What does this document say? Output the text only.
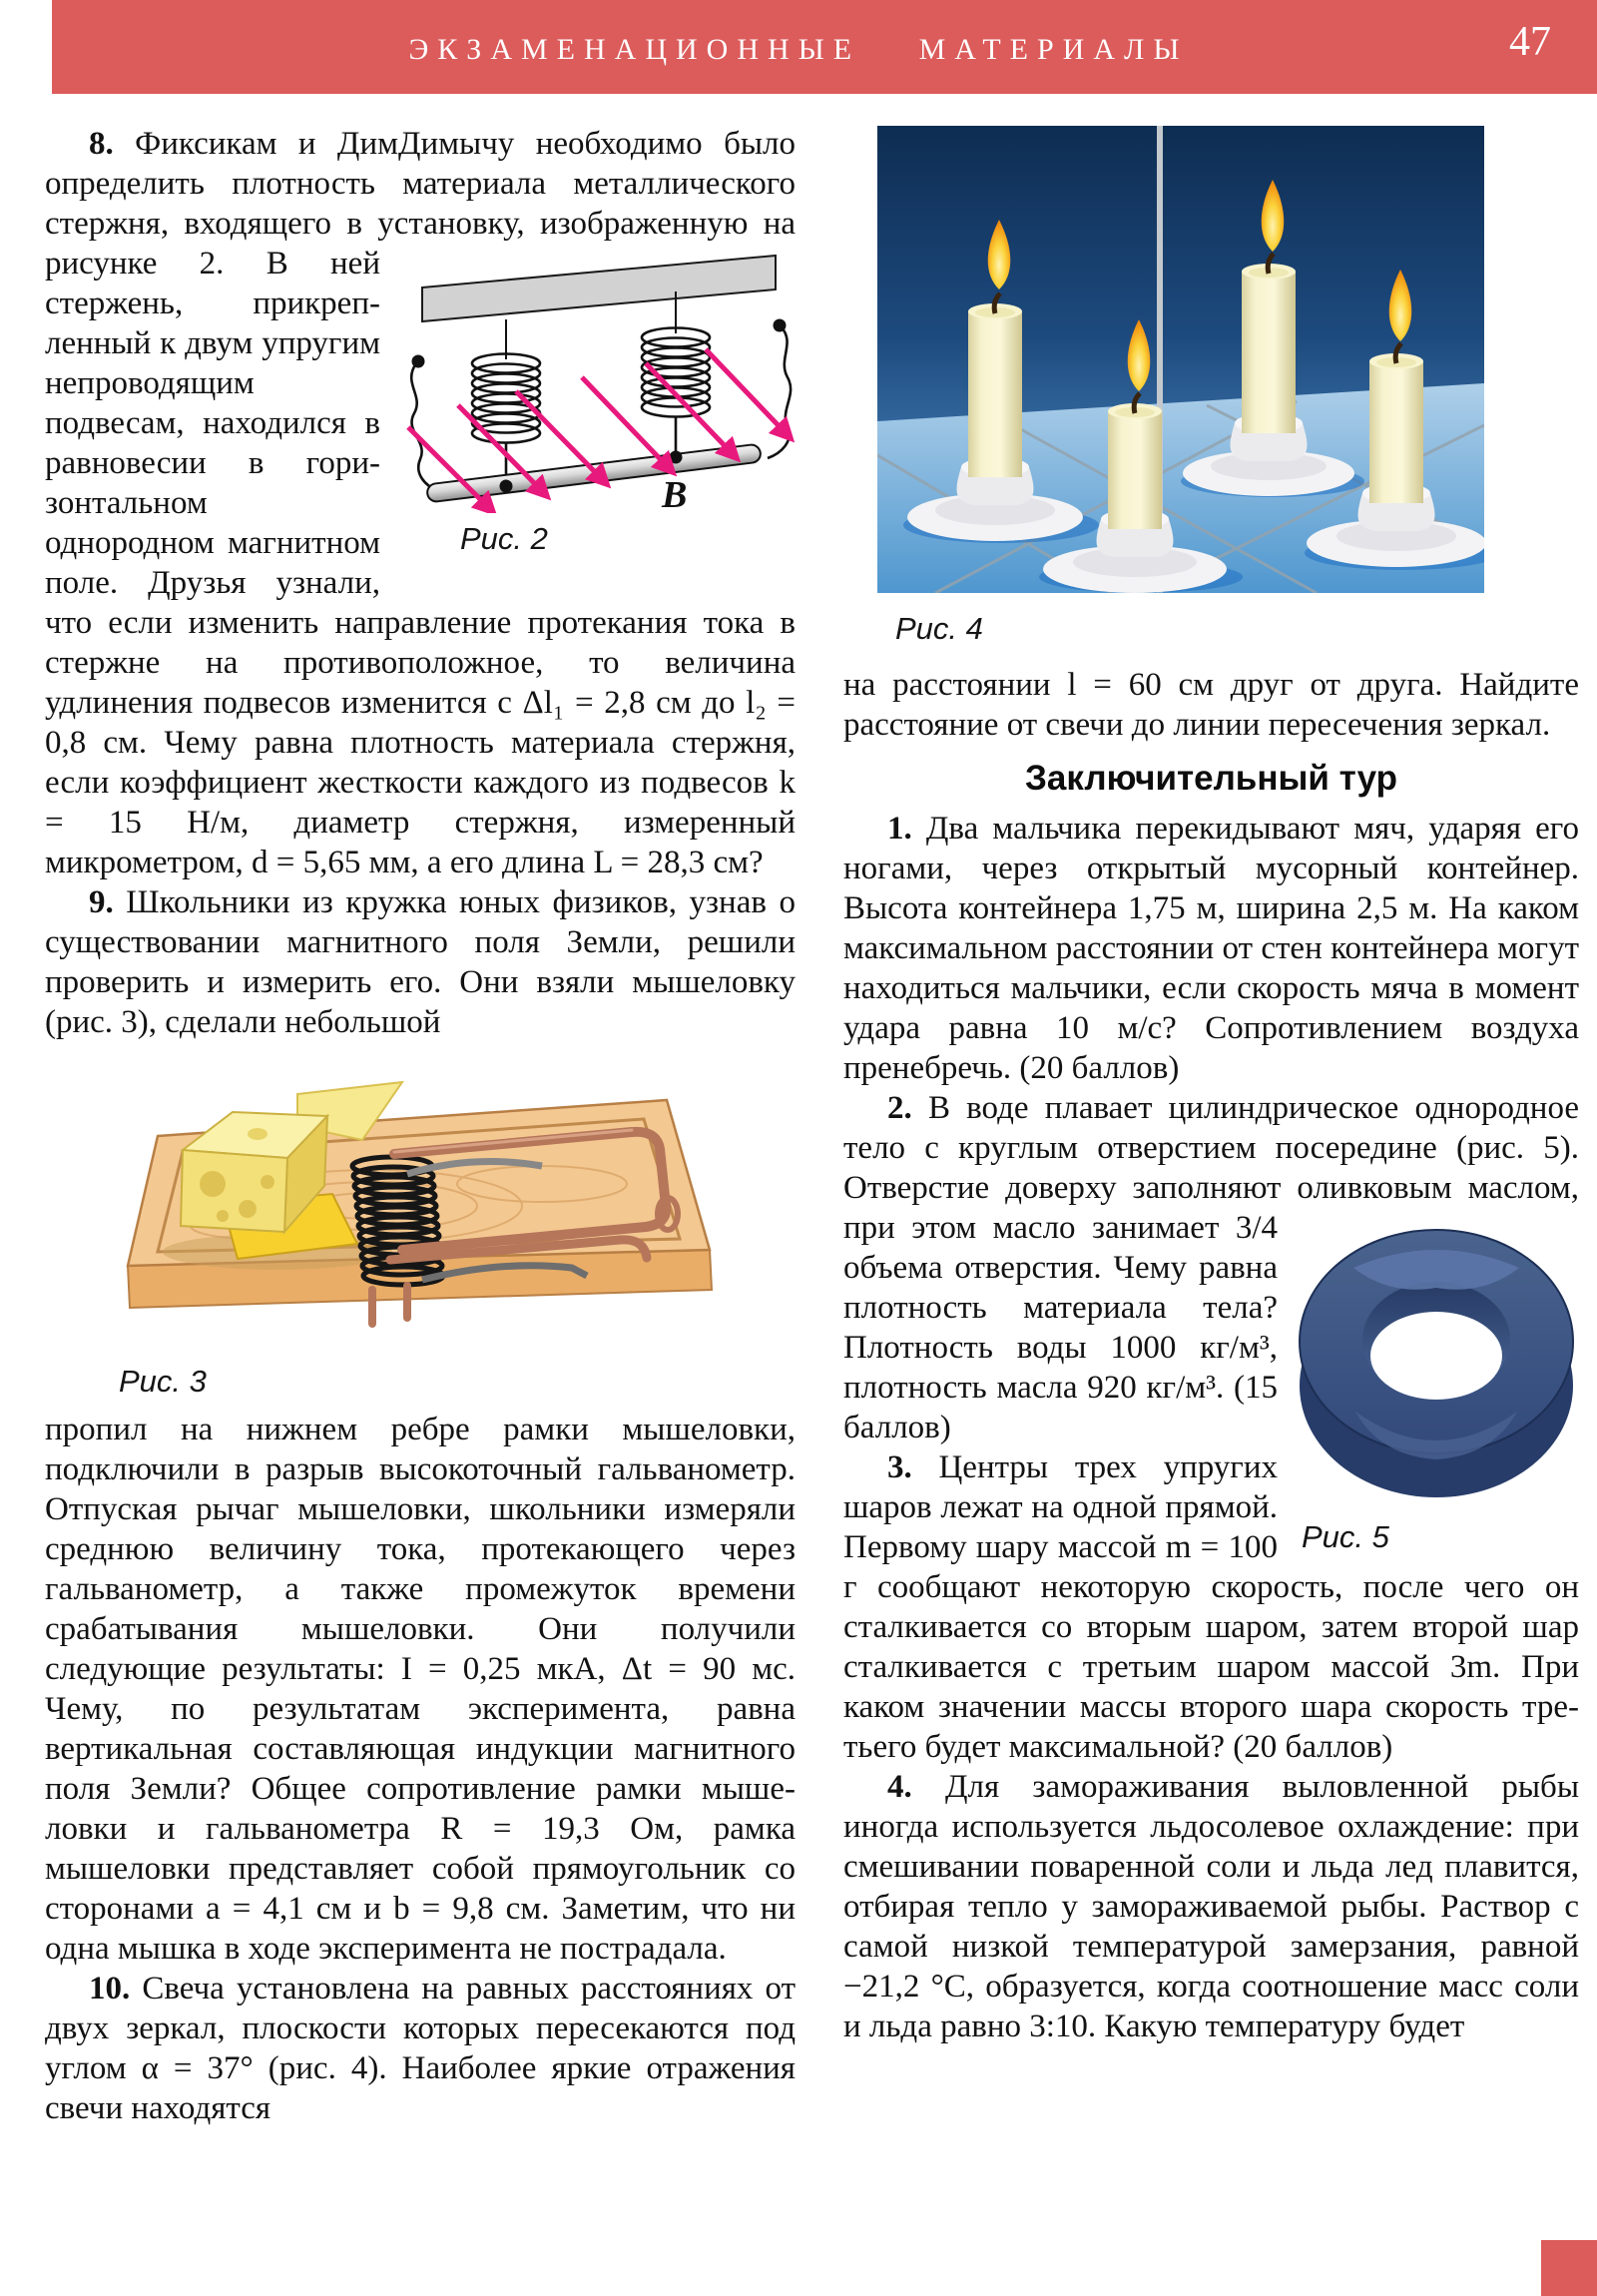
ЭКЗАМЕНАЦИОННЫЕ МАТЕРИАЛЫ	47

8. Фиксикам и ДимДимычу необходимо было определить плотность материала металлического стержня, входящего в установку,
B
Рис. 2
изображенную на рисунке 2. В ней стержень, прикрепленный к двум упругим непроводящим подвесам, находился в равновесии в горизонтальном однородном магнитном поле. Друзья узнали, что если изменить направление протекания тока в стержне на противоположное, то величина удлинения подвесов изменится с Δl₁ = 2,8 см до l₂ = 0,8 см. Чему равна плотность материала стержня, если коэффициент жесткости каждого из подвесов k = 15 Н/м, диаметр стержня, измеренный микрометром, d = 5,65 мм, а его длина L = 28,3 см?

9. Школьники из кружка юных физиков, узнав о существовании магнитного поля Земли, решили проверить и измерить его. Они взяли мышеловку (рис. 3), сделали небольшой

Рис. 3

пропил на нижнем ребре рамки мышеловки, подключили в разрыв высокоточный гальванометр. Отпуская рычаг мышеловки, школьники измеряли среднюю величину тока, протекающего через гальванометр, а также промежуток времени срабатывания мышеловки. Они получили следующие результаты: I = 0,25 мкА, Δt = 90 мс. Чему, по результатам эксперимента, равна вертикальная составляющая индукции магнитного поля Земли? Общее сопротивление рамки мышеловки и гальванометра R = 19,3 Ом, рамка мышеловки представляет собой прямоугольник со сторонами a = 4,1 см и b = 9,8 см. Заметим, что ни одна мышка в ходе эксперимента не пострадала.

10. Свеча установлена на равных расстояниях от двух зеркал, плоскости которых пересекаются под углом α = 37° (рис. 4). Наиболее яркие отражения свечи находятся

Рис. 4

на расстоянии l = 60 см друг от друга. Найдите расстояние от свечи до линии пересечения зеркал.

Заключительный тур

1. Два мальчика перекидывают мяч, ударяя его ногами, через открытый мусорный контейнер. Высота контейнера 1,75 м, ширина 2,5 м. На каком максимальном расстоянии от стен контейнера могут находиться мальчики, если скорость мяча в момент удара равна 10 м/с? Сопротивлением воздуха пренебречь. (20 баллов)

2. В воде плавает цилиндрическое однородное тело с круглым отверстием посередине (рис. 5). Отверстие доверху заполняют оливковым маслом, при этом масло занимает
Рис. 5
3/4 объема отверстия. Чему равна плотность материала тела? Плотность воды 1000 кг/м³, плотность масла 920 кг/м³. (15 баллов)

3. Центры трех упругих шаров лежат на одной прямой. Первому шару массой m = 100 г сообщают некоторую скорость, после чего он сталкивается со вторым шаром, затем второй шар сталкивается с третьим шаром массой 3m. При каком значении массы второго шара скорость третьего будет максимальной? (20 баллов)

4. Для замораживания выловленной рыбы иногда используется льдосолевое охлаждение: при смешивании поваренной соли и льда лед плавится, отбирая тепло у замораживаемой рыбы. Раствор с самой низкой температурой замерзания, равной −21,2 °C, образуется, когда соотношение масс соли и льда равно 3:10. Какую температуру будет
